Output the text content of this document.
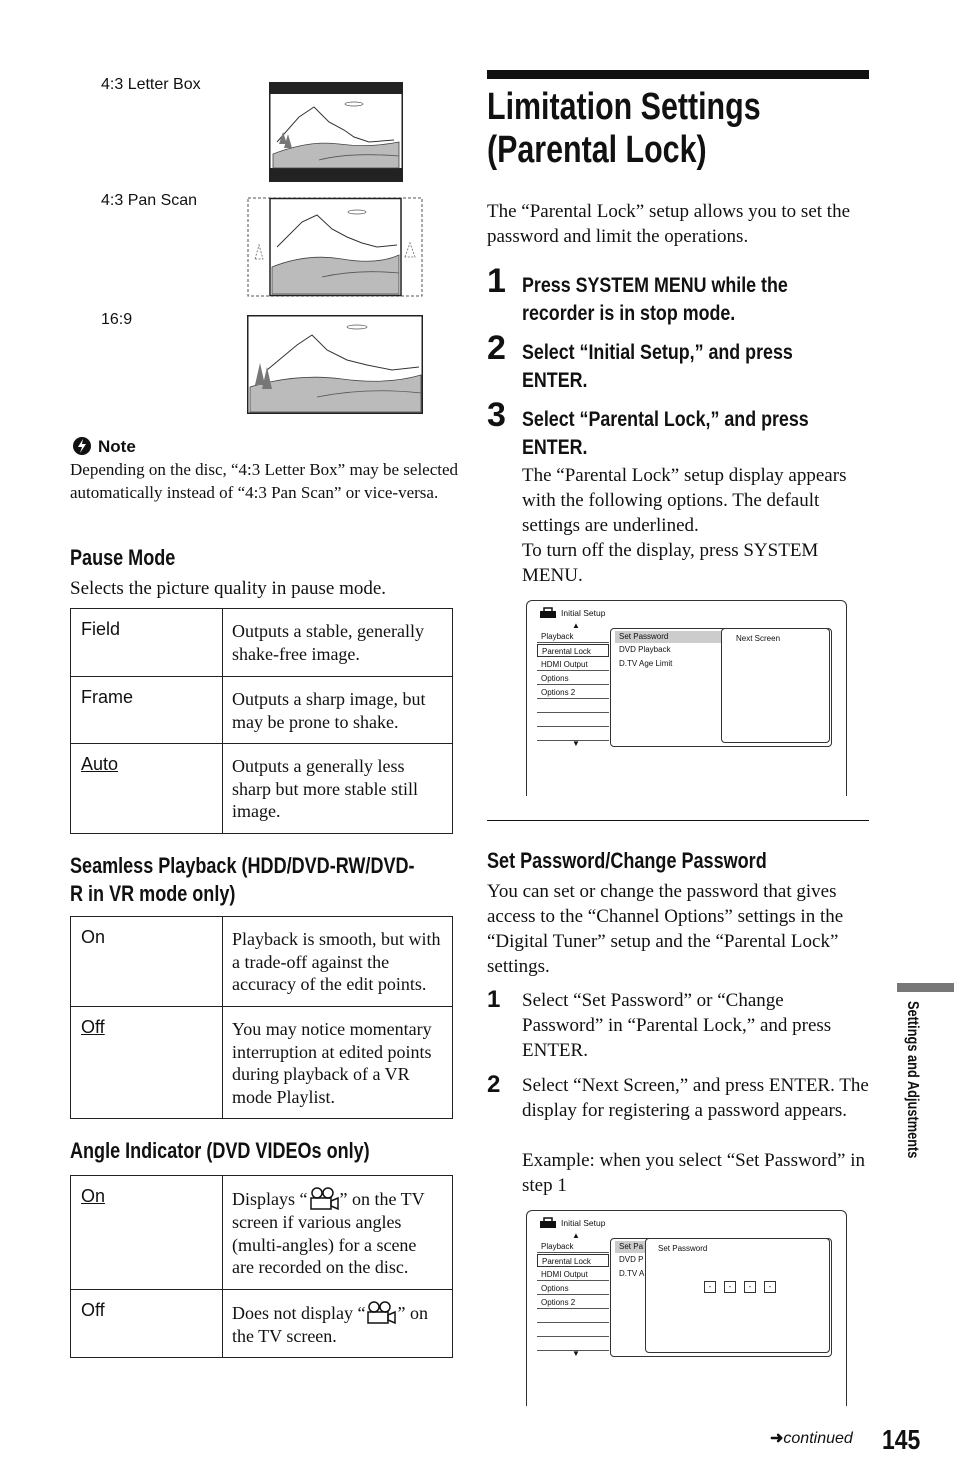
4:3 Letter Box
4:3 Pan Scan
16:9
Note
Depending on the disc, “4:3 Letter Box” may be selected automatically instead of “4:3 Pan Scan” or vice-versa.
Pause Mode
Selects the picture quality in pause mode.
Field	Outputs a stable, generally shake-free image.
Frame	Outputs a sharp image, but may be prone to shake.
Auto	Outputs a generally less sharp but more stable still image.
Seamless Playback (HDD/DVD-RW/DVD-
R in VR mode only)
On	Playback is smooth, but with a trade-off against the accuracy of the edit points.
Off	You may notice momentary interruption at edited points during playback of a VR mode Playlist.
Angle Indicator (DVD VIDEOs only)
On	Displays “ ” on the TV screen if various angles (multi-angles) for a scene are recorded on the disc.
Off	Does not display “ ” on the TV screen.
Limitation Settings
(Parental Lock)
The “Parental Lock” setup allows you to set the password and limit the operations.
1 Press SYSTEM MENU while the
recorder is in stop mode.
2 Select “Initial Setup,” and press
ENTER.
3 Select “Parental Lock,” and press
ENTER.
The “Parental Lock” setup display appears with the following options. The default settings are underlined.
To turn off the display, press SYSTEM MENU.
Initial Setup
▲
Playback
Parental Lock
HDMI Output
Options
Options 2
▼
Set Password
DVD Playback
D.TV Age Limit
Next Screen
Set Password/Change Password
You can set or change the password that gives access to the “Channel Options” settings in the “Digital Tuner” setup and the “Parental Lock” settings.
1 Select “Set Password” or “Change Password” in “Parental Lock,” and press ENTER.
2 Select “Next Screen,” and press ENTER. The display for registering a password appears.
Example: when you select “Set Password” in step 1
Initial Setup
▲
Playback
Parental Lock
HDMI Output
Options
Options 2
▼
Set Pa
DVD P
D.TV A
Set Password
-	-	-	-
Settings and Adjustments
➜continued 145
